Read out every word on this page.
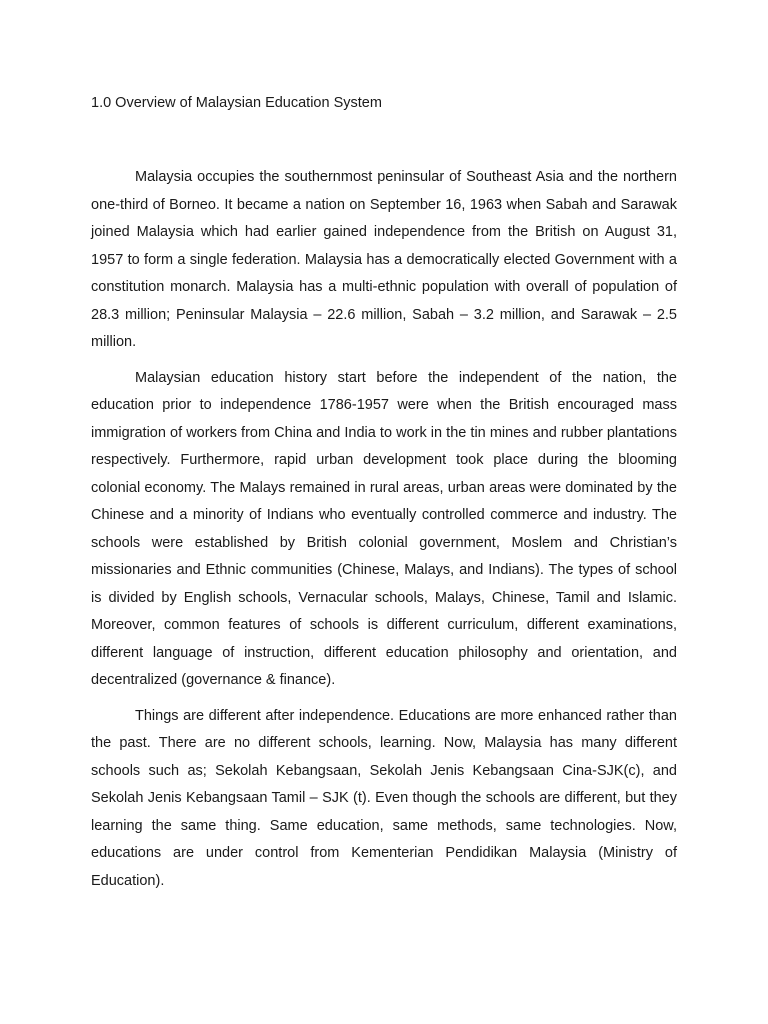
1.0 Overview of Malaysian Education System

Malaysia occupies the southernmost peninsular of Southeast Asia and the northern one-third of Borneo. It became a nation on September 16, 1963 when Sabah and Sarawak joined Malaysia which had earlier gained independence from the British on August 31, 1957 to form a single federation. Malaysia has a democratically elected Government with a constitution monarch. Malaysia has a multi-ethnic population with overall of population of 28.3 million; Peninsular Malaysia – 22.6 million, Sabah – 3.2 million, and Sarawak – 2.5 million.

Malaysian education history start before the independent of the nation, the education prior to independence 1786-1957 were when the British encouraged mass immigration of workers from China and India to work in the tin mines and rubber plantations respectively. Furthermore, rapid urban development took place during the blooming colonial economy. The Malays remained in rural areas, urban areas were dominated by the Chinese and a minority of Indians who eventually controlled commerce and industry. The schools were established by British colonial government, Moslem and Christian’s missionaries and Ethnic communities (Chinese, Malays, and Indians). The types of school is divided by English schools, Vernacular schools, Malays, Chinese, Tamil and Islamic. Moreover, common features of schools is different curriculum, different examinations, different language of instruction, different education philosophy and orientation, and decentralized (governance & finance).

Things are different after independence. Educations are more enhanced rather than the past. There are no different schools, learning. Now, Malaysia has many different schools such as; Sekolah Kebangsaan, Sekolah Jenis Kebangsaan Cina-SJK(c), and Sekolah Jenis Kebangsaan Tamil – SJK (t). Even though the schools are different, but they learning the same thing. Same education, same methods, same technologies. Now, educations are under control from Kementerian Pendidikan Malaysia (Ministry of Education).
